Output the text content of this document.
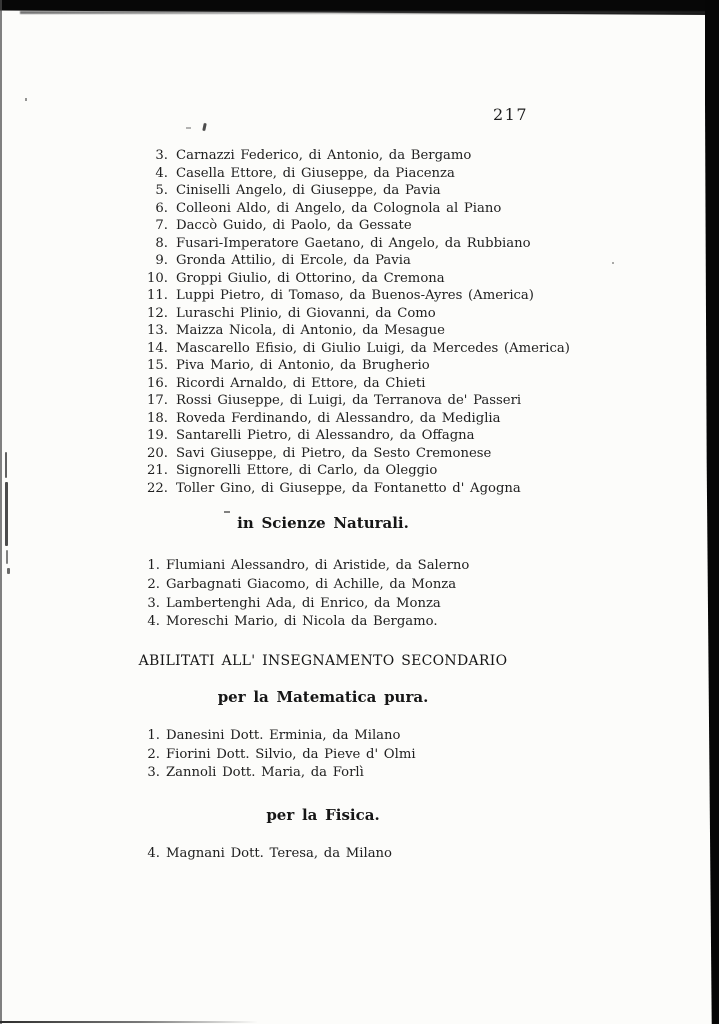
217
3. Carnazzi Federico, di Antonio, da Bergamo
4. Casella Ettore, di Giuseppe, da Piacenza
5. Ciniselli Angelo, di Giuseppe, da Pavia
6. Colleoni Aldo, di Angelo, da Colognola al Piano
7. Daccò Guido, di Paolo, da Gessate
8. Fusari-Imperatore Gaetano, di Angelo, da Rubbiano
9. Gronda Attilio, di Ercole, da Pavia
10. Groppi Giulio, di Ottorino, da Cremona
11. Luppi Pietro, di Tomaso, da Buenos-Ayres (America)
12. Luraschi Plinio, di Giovanni, da Como
13. Maizza Nicola, di Antonio, da Mesague
14. Mascarello Efisio, di Giulio Luigi, da Mercedes (America)
15. Piva Mario, di Antonio, da Brugherio
16. Ricordi Arnaldo, di Ettore, da Chieti
17. Rossi Giuseppe, di Luigi, da Terranova de' Passeri
18. Roveda Ferdinando, di Alessandro, da Mediglia
19. Santarelli Pietro, di Alessandro, da Offagna
20. Savi Giuseppe, di Pietro, da Sesto Cremonese
21. Signorelli Ettore, di Carlo, da Oleggio
22. Toller Gino, di Giuseppe, da Fontanetto d' Agogna
in Scienze Naturali.
1. Flumiani Alessandro, di Aristide, da Salerno
2. Garbagnati Giacomo, di Achille, da Monza
3. Lambertenghi Ada, di Enrico, da Monza
4. Moreschi Mario, di Nicola da Bergamo.
ABILITATI ALL' INSEGNAMENTO SECONDARIO
per la Matematica pura.
1. Danesini Dott. Erminia, da Milano
2. Fiorini Dott. Silvio, da Pieve d' Olmi
3. Zannoli Dott. Maria, da Forlì
per la Fisica.
4. Magnani Dott. Teresa, da Milano
